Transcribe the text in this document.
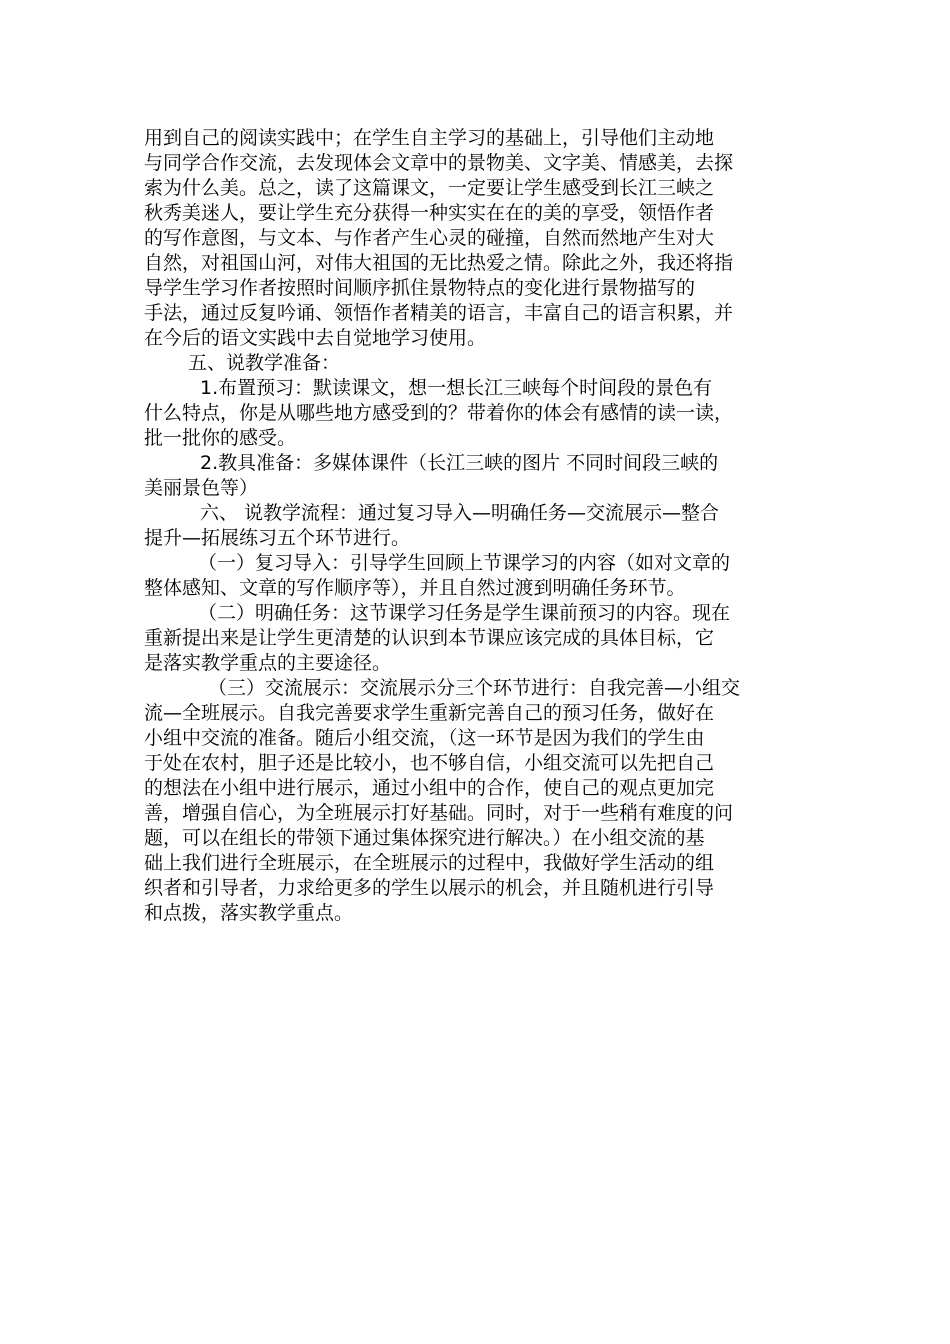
用到自己的阅读实践中；在学生自主学习的基础上，引导他们主动地
与同学合作交流，去发现体会文章中的景物美、文字美、情感美，去探
索为什么美。总之，读了这篇课文，一定要让学生感受到长江三峡之
秋秀美迷人，要让学生充分获得一种实实在在的美的享受，领悟作者
的写作意图，与文本、与作者产生心灵的碰撞，自然而然地产生对大
自然，对祖国山河，对伟大祖国的无比热爱之情。除此之外，我还将指
导学生学习作者按照时间顺序抓住景物特点的变化进行景物描写的
手法，通过反复吟诵、领悟作者精美的语言，丰富自己的语言积累，并
在今后的语文实践中去自觉地学习使用。
五、说教学准备：
1.布置预习：默读课文，想一想长江三峡每个时间段的景色有
什么特点，你是从哪些地方感受到的？带着你的体会有感情的读一读，
批一批你的感受。
2.教具准备：多媒体课件（长江三峡的图片 不同时间段三峡的
美丽景色等）
六、 说教学流程：通过复习导入—明确任务—交流展示—整合
提升—拓展练习五个环节进行。
（一）复习导入：引导学生回顾上节课学习的内容（如对文章的
整体感知、文章的写作顺序等），并且自然过渡到明确任务环节。
（二）明确任务：这节课学习任务是学生课前预习的内容。现在
重新提出来是让学生更清楚的认识到本节课应该完成的具体目标，它
是落实教学重点的主要途径。
（三）交流展示：交流展示分三个环节进行：自我完善—小组交
流—全班展示。自我完善要求学生重新完善自己的预习任务，做好在
小组中交流的准备。随后小组交流，（这一环节是因为我们的学生由
于处在农村，胆子还是比较小，也不够自信，小组交流可以先把自己
的想法在小组中进行展示，通过小组中的合作，使自己的观点更加完
善，增强自信心，为全班展示打好基础。同时，对于一些稍有难度的问
题，可以在组长的带领下通过集体探究进行解决。）在小组交流的基
础上我们进行全班展示，在全班展示的过程中，我做好学生活动的组
织者和引导者，力求给更多的学生以展示的机会，并且随机进行引导
和点拨，落实教学重点。
